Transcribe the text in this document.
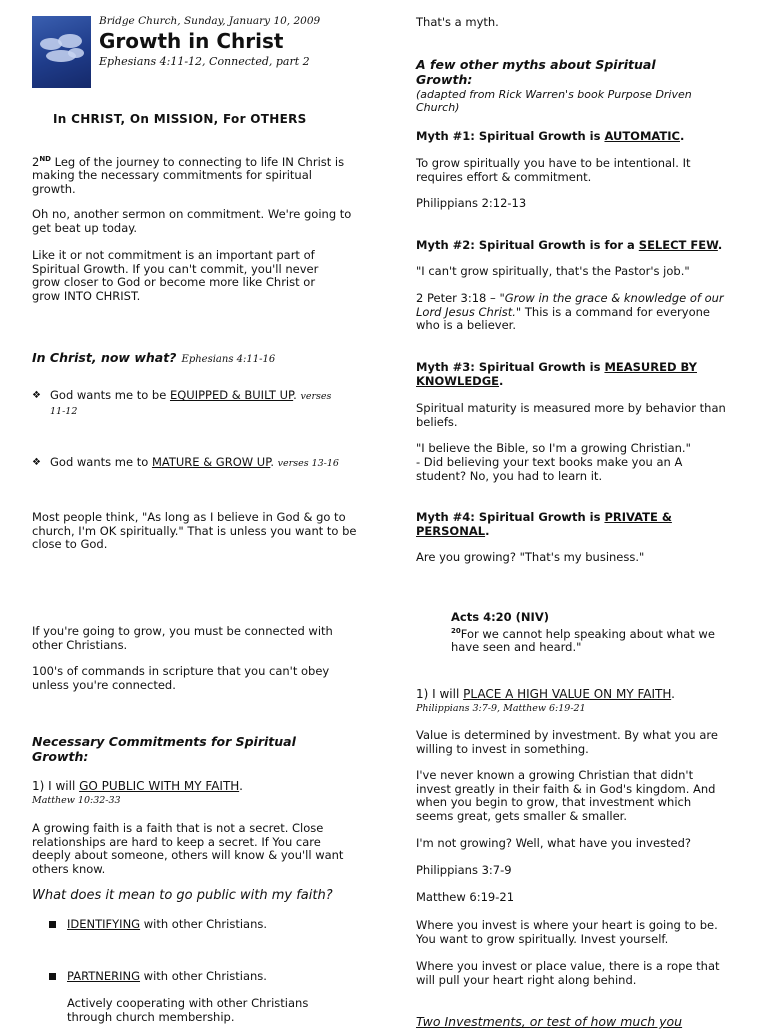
Bridge Church, Sunday, January 10, 2009
Growth in Christ
Ephesians 4:11-12, Connected, part 2
In CHRIST, On MISSION, For OTHERS

2ND Leg of the journey to connecting to life IN Christ is making the necessary commitments for spiritual growth.

Oh no, another sermon on commitment. We're going to get beat up today.

Like it or not commitment is an important part of Spiritual Growth. If you can't commit, you'll never grow closer to God or become more like Christ or grow INTO CHRIST.

In Christ, now what? Ephesians 4:11-16
❖ God wants me to be EQUIPPED & BUILT UP. verses 11-12

❖ God wants me to MATURE & GROW UP. verses 13-16

Most people think, "As long as I believe in God & go to church, I'm OK spiritually." That is unless you want to be close to God.

If you're going to grow, you must be connected with other Christians.

100's of commands in scripture that you can't obey unless you're connected.

Necessary Commitments for Spiritual Growth:

1) I will GO PUBLIC WITH MY FAITH.

Matthew 10:32-33

A growing faith is a faith that is not a secret. Close relationships are hard to keep a secret. If You care deeply about someone, others will know & you'll want others know.

What does it mean to go public with my faith?

IDENTIFYING with other Christians.

PARTNERING with other Christians.

Actively cooperating with other Christians through church membership.

That's a myth.

A few other myths about Spiritual Growth:
(adapted from Rick Warren's book Purpose Driven Church)

Myth #1: Spiritual Growth is AUTOMATIC.

To grow spiritually you have to be intentional. It requires effort & commitment.

Philippians 2:12-13

Myth #2: Spiritual Growth is for a SELECT FEW.

"I can't grow spiritually, that's the Pastor's job."

2 Peter 3:18 – "Grow in the grace & knowledge of our Lord Jesus Christ." This is a command for everyone who is a believer.

Myth #3: Spiritual Growth is MEASURED BY
KNOWLEDGE.

Spiritual maturity is measured more by behavior than beliefs.

"I believe the Bible, so I'm a growing Christian."

- Did believing your text books make you an A student? No, you had to learn it.

Myth #4: Spiritual Growth is PRIVATE &
PERSONAL.

Are you growing? "That's my business."

Acts 4:20 (NIV)

$^{20}$For we cannot help speaking about what we have seen and heard."

1) I will PLACE A HIGH VALUE ON MY FAITH.

Philippians 3:7-9, Matthew 6:19-21

Value is determined by investment. By what you are willing to invest in something.

I've never known a growing Christian that didn't invest greatly in their faith & in God's kingdom. And when you begin to grow, that investment which seems great, gets smaller & smaller.

I'm not growing? Well, what have you invested?

Philippians 3:7-9

Matthew 6:19-21

Where you invest is where your heart is going to be. You want to grow spiritually. Invest yourself.

Where you invest or place value, there is a rope that will pull your heart right along behind.

Two Investments, or test of how much you
